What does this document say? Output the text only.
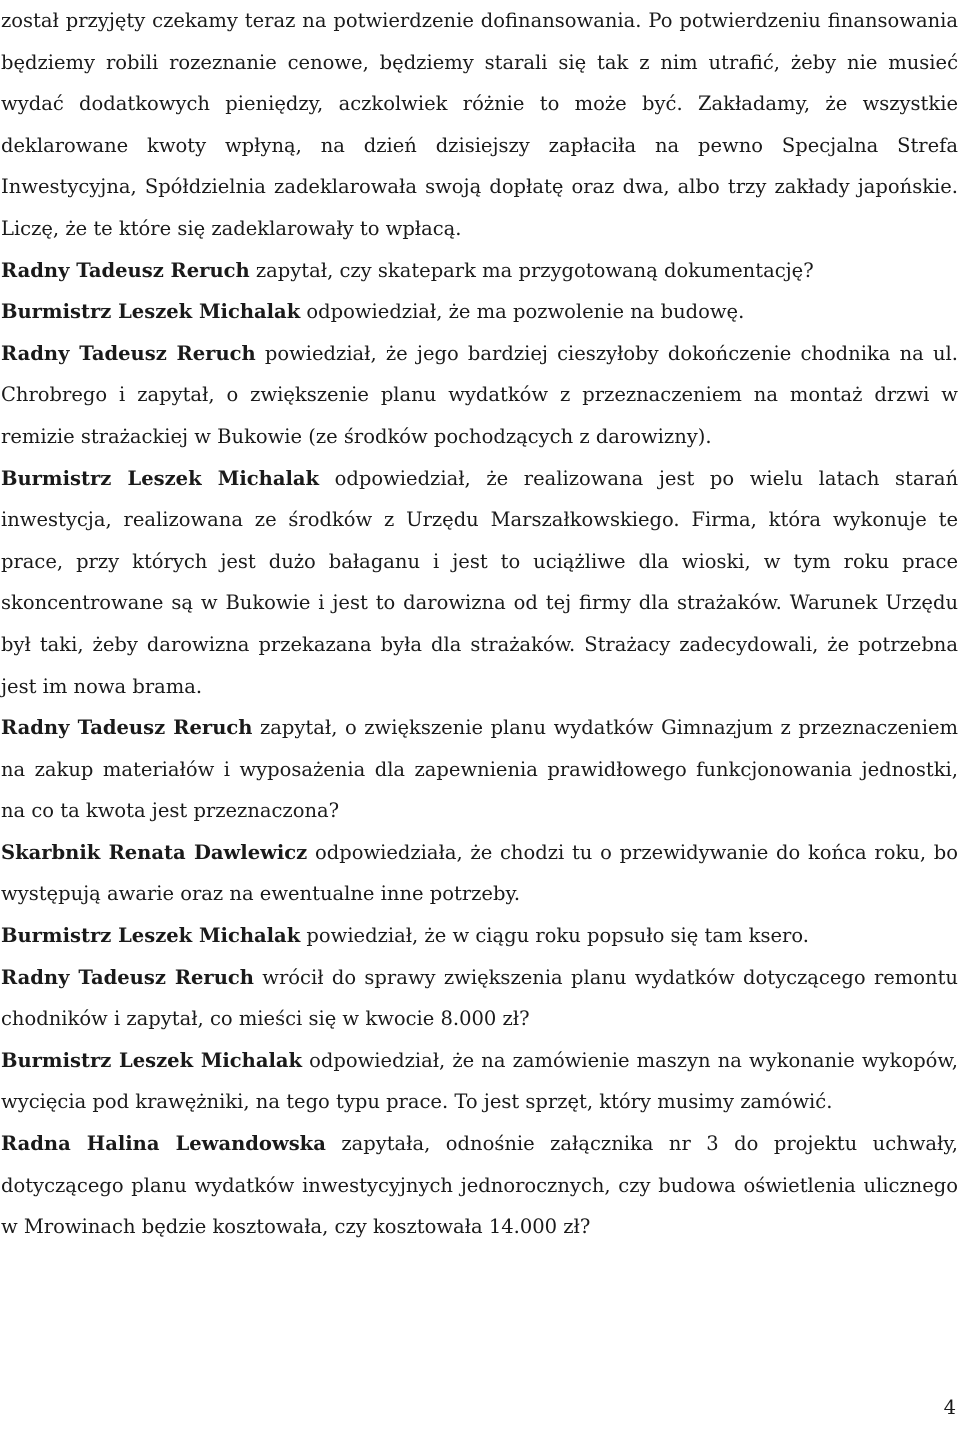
został przyjęty czekamy teraz na potwierdzenie dofinansowania. Po potwierdzeniu finansowania będziemy robili rozeznanie cenowe, będziemy starali się tak z nim utrafić, żeby nie musieć wydać dodatkowych pieniędzy, aczkolwiek różnie to może być. Zakładamy, że wszystkie deklarowane kwoty wpłyną, na dzień dzisiejszy zapłaciła na pewno Specjalna Strefa Inwestycyjna, Spółdzielnia zadeklarowała swoją dopłatę oraz dwa, albo trzy zakłady japońskie. Liczę, że te które się zadeklarowały to wpłacą.

Radny Tadeusz Reruch zapytał, czy skatepark ma przygotowaną dokumentację?

Burmistrz Leszek Michalak odpowiedział, że ma pozwolenie na budowę.

Radny Tadeusz Reruch powiedział, że jego bardziej cieszyłoby dokończenie chodnika na ul. Chrobrego i zapytał, o zwiększenie planu wydatków z przeznaczeniem na montaż drzwi w remizie strażackiej w Bukowie (ze środków pochodzących z darowizny).

Burmistrz Leszek Michalak odpowiedział, że realizowana jest po wielu latach starań inwestycja, realizowana ze środków z Urzędu Marszałkowskiego. Firma, która wykonuje te prace, przy których jest dużo bałaganu i jest to uciążliwe dla wioski, w tym roku prace skoncentrowane są w Bukowie i jest to darowizna od tej firmy dla strażaków. Warunek Urzędu był taki, żeby darowizna przekazana była dla strażaków. Strażacy zadecydowali, że potrzebna jest im nowa brama.

Radny Tadeusz Reruch zapytał, o zwiększenie planu wydatków Gimnazjum z przeznaczeniem na zakup materiałów i wyposażenia dla zapewnienia prawidłowego funkcjonowania jednostki, na co ta kwota jest przeznaczona?

Skarbnik Renata Dawlewicz odpowiedziała, że chodzi tu o przewidywanie do końca roku, bo występują awarie oraz na ewentualne inne potrzeby.

Burmistrz Leszek Michalak powiedział, że w ciągu roku popsuło się tam ksero.

Radny Tadeusz Reruch wrócił do sprawy zwiększenia planu wydatków dotyczącego remontu chodników i zapytał, co mieści się w kwocie 8.000 zł?

Burmistrz Leszek Michalak odpowiedział, że na zamówienie maszyn na wykonanie wykopów, wycięcia pod krawężniki, na tego typu prace. To jest sprzęt, który musimy zamówić.

Radna Halina Lewandowska zapytała, odnośnie załącznika nr 3 do projektu uchwały, dotyczącego planu wydatków inwestycyjnych jednorocznych, czy budowa oświetlenia ulicznego w Mrowinach będzie kosztowała, czy kosztowała 14.000 zł?

4
